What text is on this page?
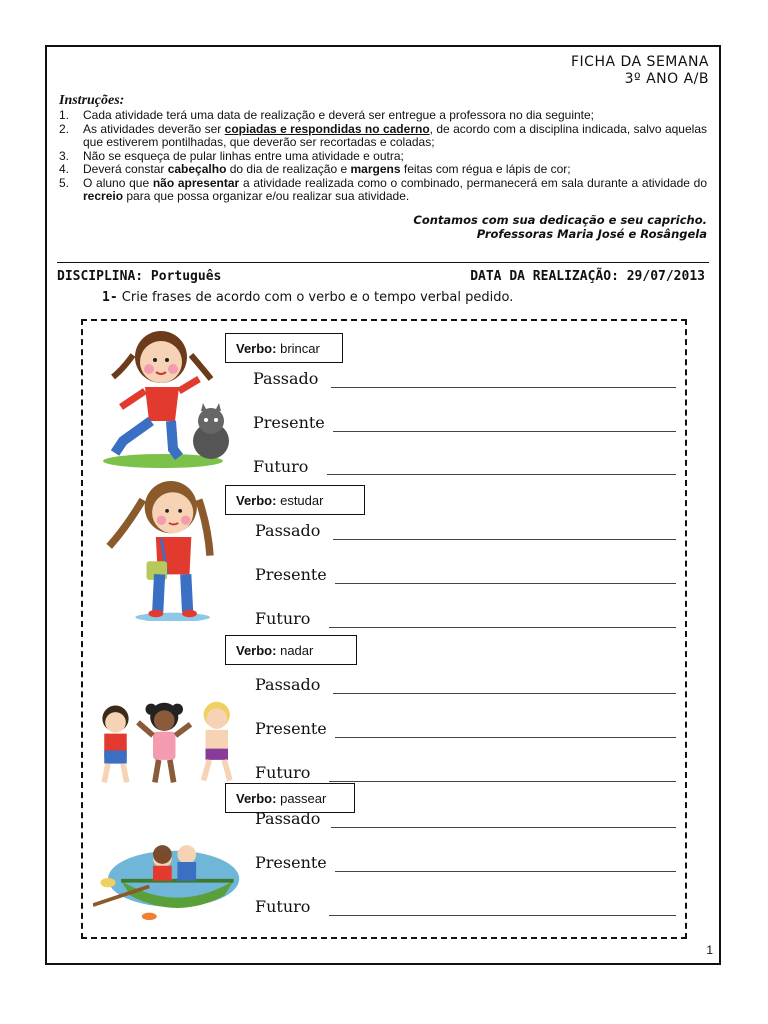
FICHA DA SEMANA
3º ANO A/B
Instruções:
1. Cada atividade terá uma data de realização e deverá ser entregue a professora no dia seguinte;
2. As atividades deverão ser copiadas e respondidas no caderno, de acordo com a disciplina indicada, salvo aquelas que estiverem pontilhadas, que deverão ser recortadas e coladas;
3. Não se esqueça de pular linhas entre uma atividade e outra;
4. Deverá constar cabeçalho do dia de realização e margens feitas com régua e lápis de cor;
5. O aluno que não apresentar a atividade realizada como o combinado, permanecerá em sala durante a atividade do recreio para que possa organizar e/ou realizar sua atividade.
Contamos com sua dedicação e seu capricho.
Professoras Maria José e Rosângela
DISCIPLINA: Português	DATA DA REALIZAÇÃO: 29/07/2013
1- Crie frases de acordo com o verbo e o tempo verbal pedido.
Verbo: brincar
Passado
Presente
Futuro
Verbo: estudar
Passado
Presente
Futuro
Verbo: nadar
Passado
Presente
Futuro
Verbo: passear
Passado
Presente
Futuro
1
